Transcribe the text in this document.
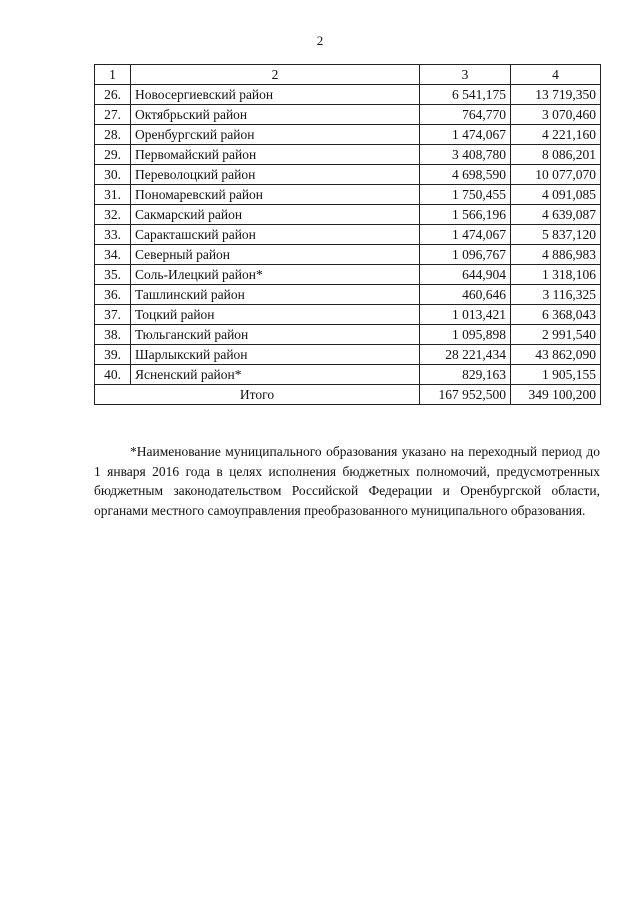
2
1	2	3	4
26.	Новосергиевский район	6 541,175	13 719,350
27.	Октябрьский район	764,770	3 070,460
28.	Оренбургский район	1 474,067	4 221,160
29.	Первомайский район	3 408,780	8 086,201
30.	Переволоцкий район	4 698,590	10 077,070
31.	Пономаревский район	1 750,455	4 091,085
32.	Сакмарский район	1 566,196	4 639,087
33.	Саракташский район	1 474,067	5 837,120
34.	Северный район	1 096,767	4 886,983
35.	Соль-Илецкий район*	644,904	1 318,106
36.	Ташлинский район	460,646	3 116,325
37.	Тоцкий район	1 013,421	6 368,043
38.	Тюльганский район	1 095,898	2 991,540
39.	Шарлыкский район	28 221,434	43 862,090
40.	Ясненский район*	829,163	1 905,155
Итого		167 952,500	349 100,200
*Наименование муниципального образования указано на переходный период до 1 января 2016 года в целях исполнения бюджетных полномочий, предусмотренных бюджетным законодательством Российской Федерации и Оренбургской области, органами местного самоуправления преобразованного муниципального образования.
